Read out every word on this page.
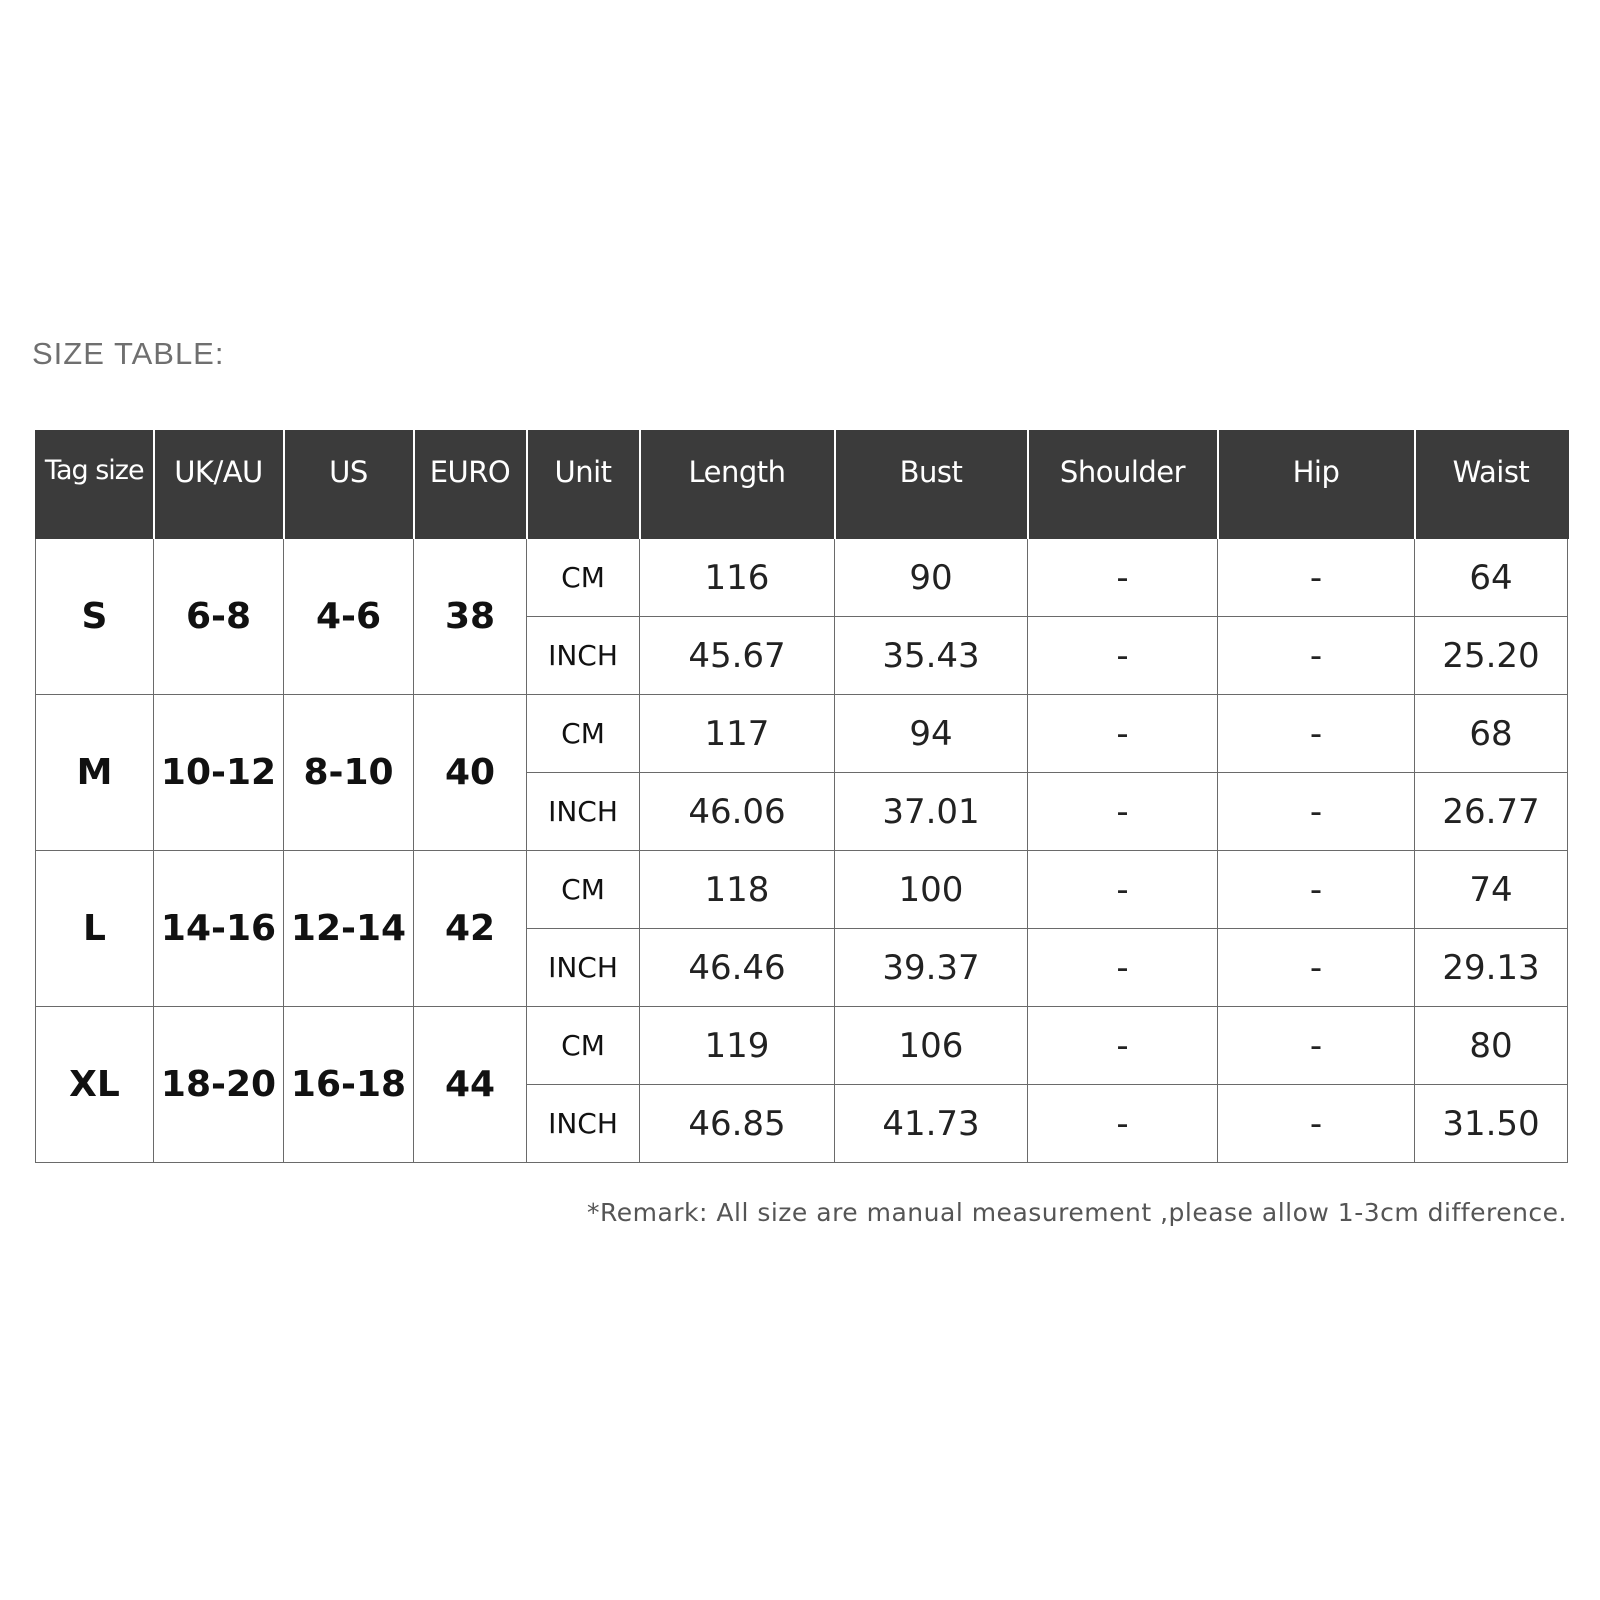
SIZE TABLE:
Tag size	UK/AU	US	EURO	Unit	Length	Bust	Shoulder	Hip	Waist
S	6-8	4-6	38	CM	116	90	-	-	64
				INCH	45.67	35.43	-	-	25.20
M	10-12	8-10	40	CM	117	94	-	-	68
				INCH	46.06	37.01	-	-	26.77
L	14-16	12-14	42	CM	118	100	-	-	74
				INCH	46.46	39.37	-	-	29.13
XL	18-20	16-18	44	CM	119	106	-	-	80
				INCH	46.85	41.73	-	-	31.50
*Remark: All size are manual measurement ,please allow 1-3cm difference.
